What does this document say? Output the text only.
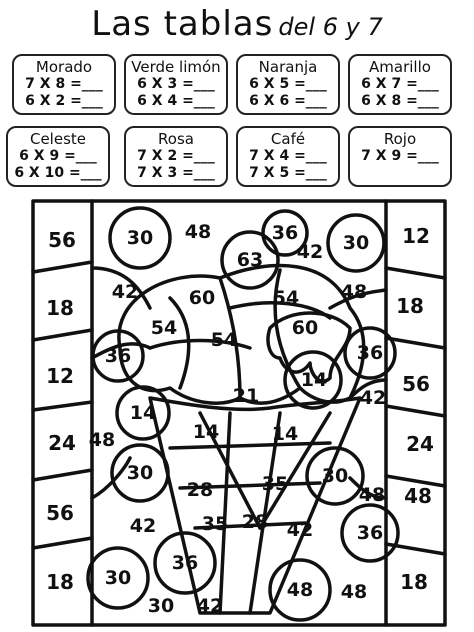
Las tablas del 6 y 7
Morado
7 X 8 =___
6 X 2 =___
Verde limón
6 X 3 =___
6 X 4 =___
Naranja
6 X 5 =___
6 X 6 =___
Amarillo
6 X 7 =___
6 X 8 =___
Celeste
6 X 9 =___
6 X 10 =___
Rosa
7 X 2 =___
7 X 3 =___
Café
7 X 4 =___
7 X 5 =___
Rojo
7 X 9 =___
56
18
12
24
56
18
12
18
56
24
48
18
30 48	36
42 30
63
42	60	54 48
54
54
60
36
36
21
14
42
14
14	14
48
30
28	35 30
48
42 35 28 42
36
36
30
48
42
30
48
